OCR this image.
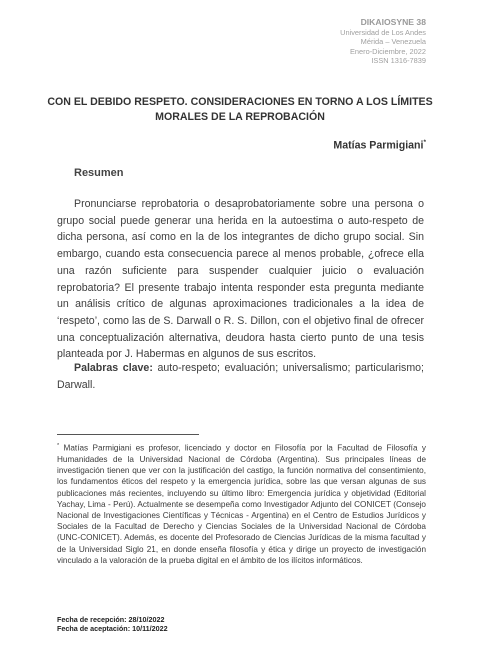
DIKAIOSYNE 38
Universidad de Los Andes
Mérida – Venezuela
Enero-Diciembre, 2022
ISSN 1316-7839
CON EL DEBIDO RESPETO. CONSIDERACIONES EN TORNO A LOS LÍMITES MORALES DE LA REPROBACIÓN
Matías Parmigiani*
Resumen

Pronunciarse reprobatoria o desaprobatoriamente sobre una persona o grupo social puede generar una herida en la autoestima o auto-respeto de dicha persona, así como en la de los integrantes de dicho grupo social. Sin embargo, cuando esta consecuencia parece al menos probable, ¿ofrece ella una razón suficiente para suspender cualquier juicio o evaluación reprobatoria? El presente trabajo intenta responder esta pregunta mediante un análisis crítico de algunas aproximaciones tradicionales a la idea de ‘respeto’, como las de S. Darwall o R. S. Dillon, con el objetivo final de ofrecer una conceptualización alternativa, deudora hasta cierto punto de una tesis planteada por J. Habermas en algunos de sus escritos.

Palabras clave: auto-respeto; evaluación; universalismo; particularismo; Darwall.

* Matías Parmigiani es profesor, licenciado y doctor en Filosofía por la Facultad de Filosofía y Humanidades de la Universidad Nacional de Córdoba (Argentina). Sus principales líneas de investigación tienen que ver con la justificación del castigo, la función normativa del consentimiento, los fundamentos éticos del respeto y la emergencia jurídica, sobre las que versan algunas de sus publicaciones más recientes, incluyendo su último libro: Emergencia jurídica y objetividad (Editorial Yachay, Lima - Perú). Actualmente se desempeña como Investigador Adjunto del CONICET (Consejo Nacional de Investigaciones Científicas y Técnicas - Argentina) en el Centro de Estudios Jurídicos y Sociales de la Facultad de Derecho y Ciencias Sociales de la Universidad Nacional de Córdoba (UNC-CONICET). Además, es docente del Profesorado de Ciencias Jurídicas de la misma facultad y de la Universidad Siglo 21, en donde enseña filosofía y ética y dirige un proyecto de investigación vinculado a la valoración de la prueba digital en el ámbito de los ilícitos informáticos.

Fecha de recepción: 28/10/2022
Fecha de aceptación: 10/11/2022
